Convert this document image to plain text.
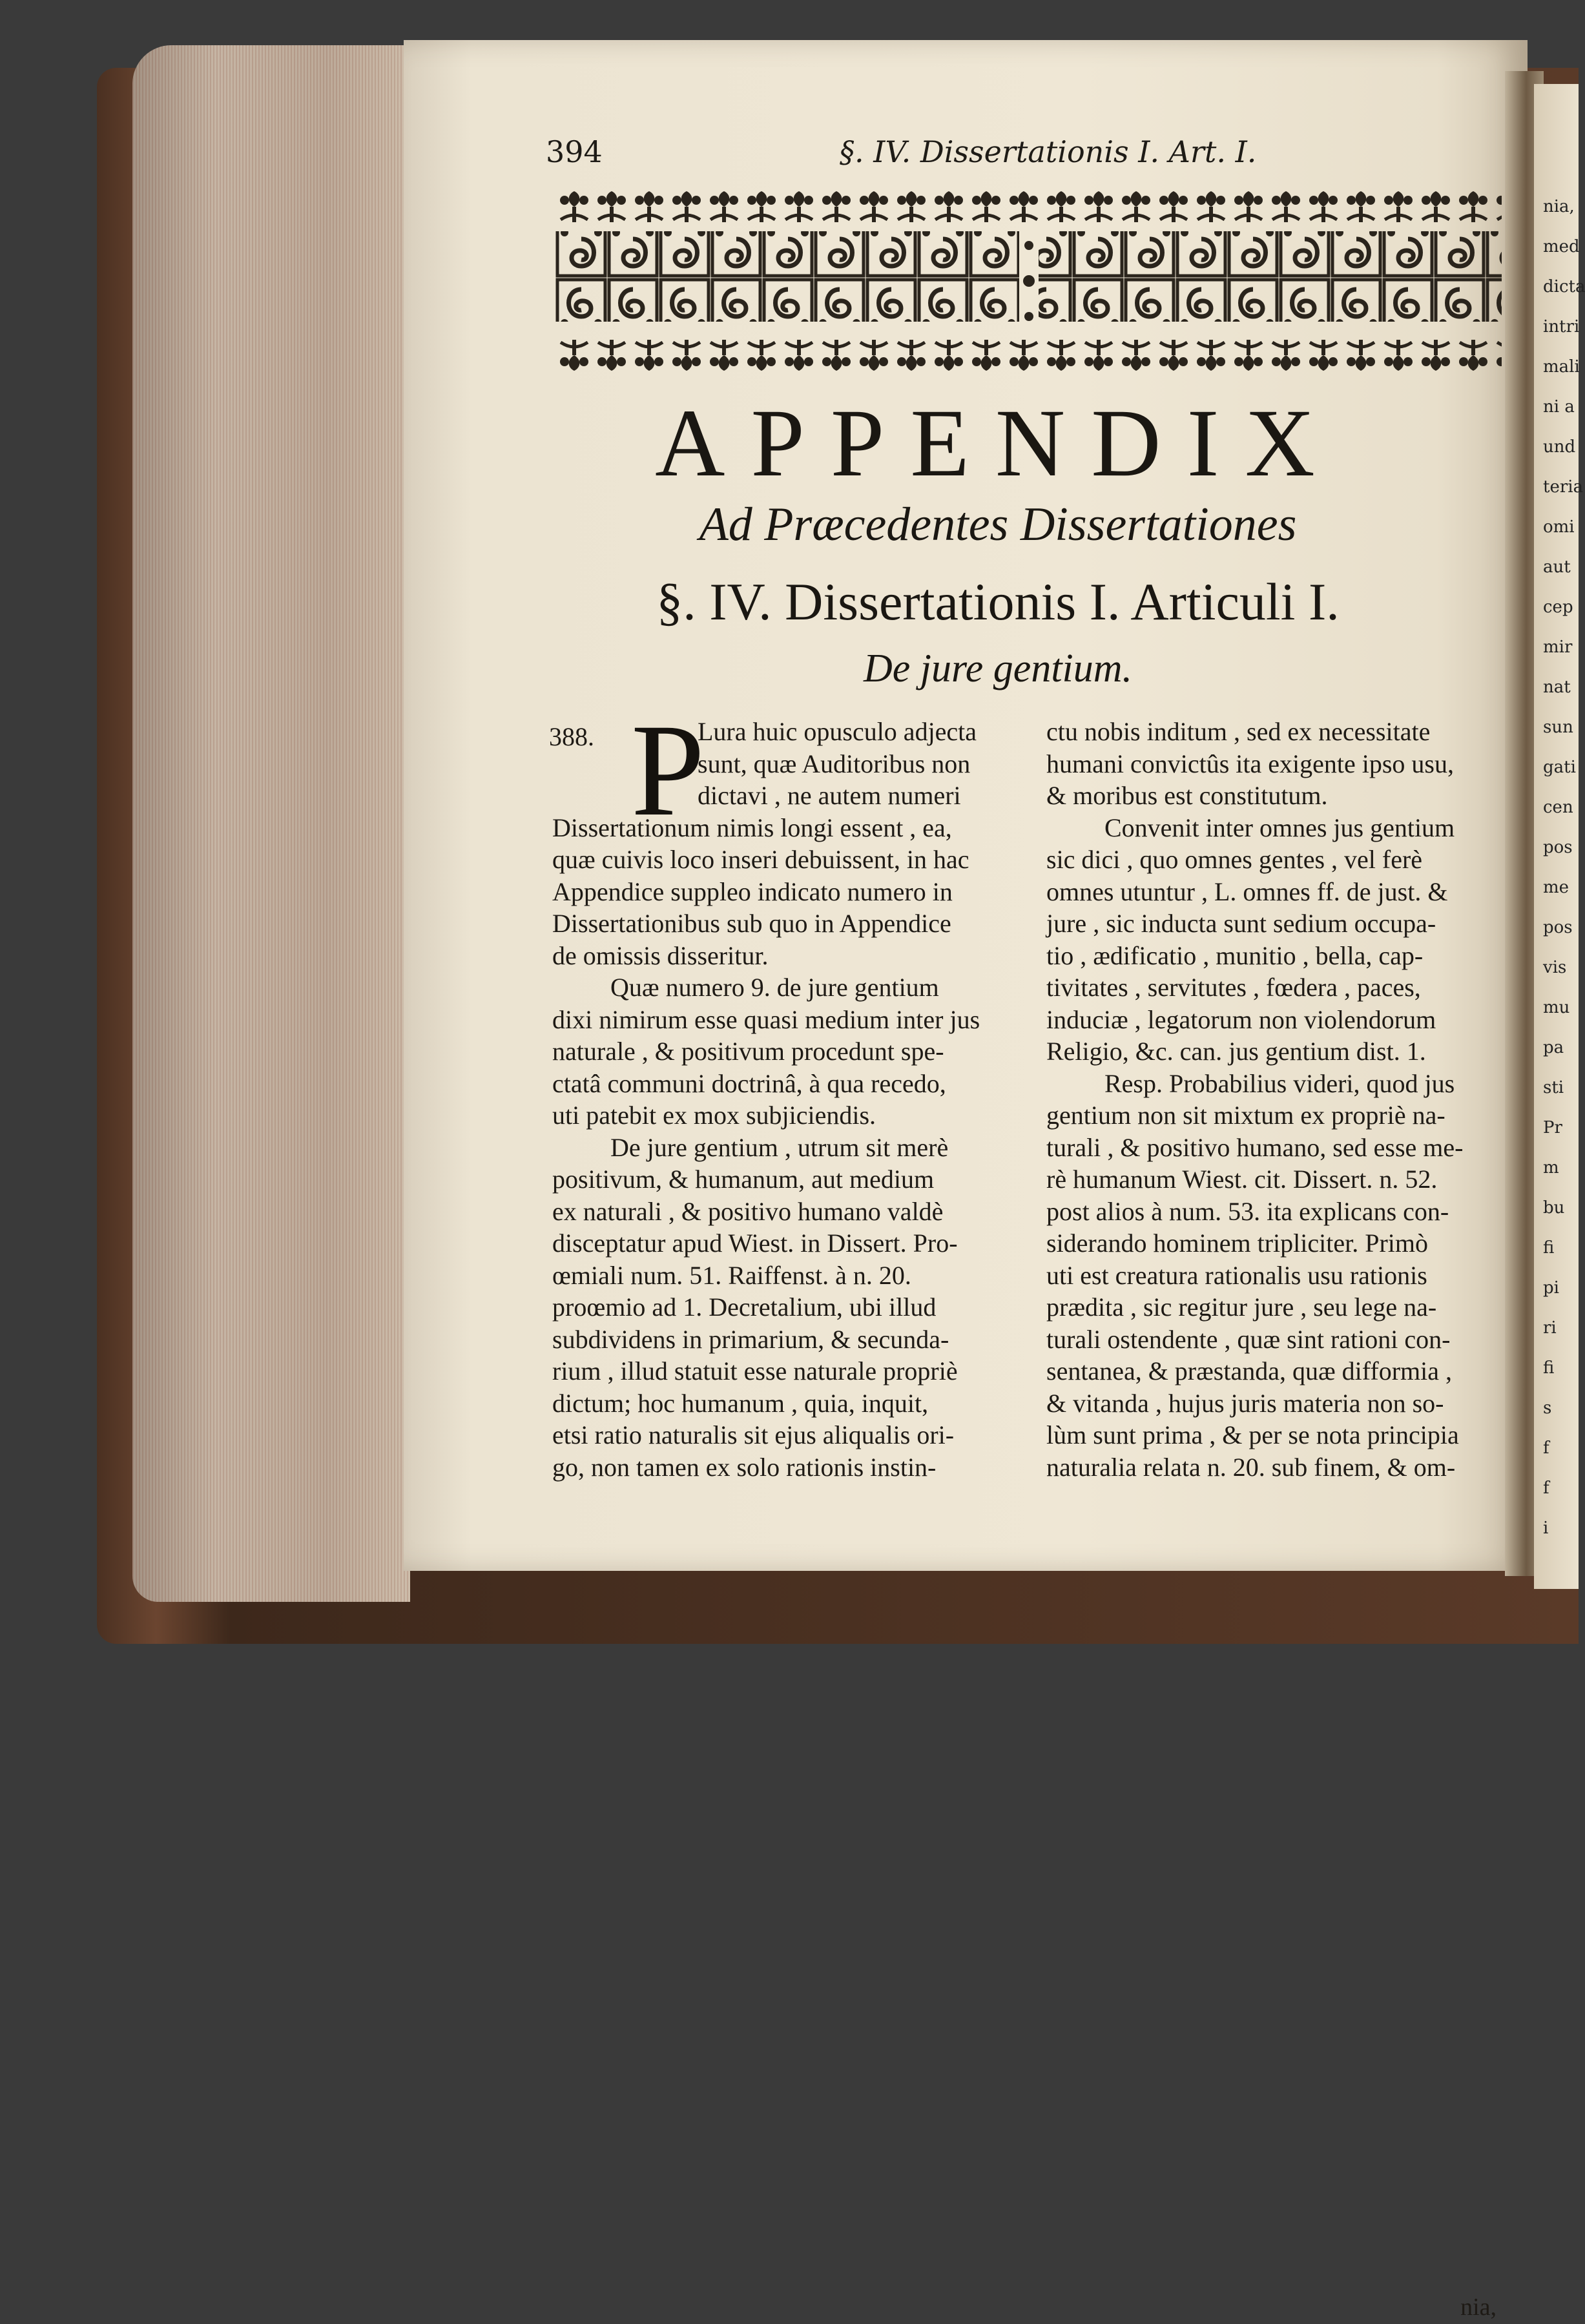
nia,
med
dicta
intri
mali
ni a
und
teria
omi
aut
cep
mir
nat
sun
gati
cen
pos
me
pos
vis
mu
pa
sti
Pr
m
bu
fi
pi
ri
fi
s
f
f
i
394	§. IV. Dissertationis I. Art. I.
APPENDIX
Ad Præcedentes Dissertationes
§. IV. Dissertationis I. Articuli I.
De jure gentium.
388. P
Lura huic opusculo adjecta
sunt, quæ Auditoribus non
dictavi , ne autem numeri
Dissertationum nimis longi essent , ea,
quæ cuivis loco inseri debuissent, in hac
Appendice suppleo indicato numero in
Dissertationibus sub quo in Appendice
de omissis disseritur.
Quæ numero 9. de jure gentium
dixi nimirum esse quasi medium inter jus
naturale , & positivum procedunt spe-
ctatâ communi doctrinâ, à qua recedo,
uti patebit ex mox subjiciendis.
De jure gentium , utrum sit merè
positivum, & humanum, aut medium
ex naturali , & positivo humano valdè
disceptatur apud Wiest. in Dissert. Pro-
œmiali num. 51. Raiffenst. à n. 20.
proœmio ad 1. Decretalium, ubi illud
subdividens in primarium, & secunda-
rium , illud statuit esse naturale propriè
dictum; hoc humanum , quia, inquit,
etsi ratio naturalis sit ejus aliqualis ori-
go, non tamen ex solo rationis instin-
nia,
ctu nobis inditum , sed ex necessitate
humani convictûs ita exigente ipso usu,
& moribus est constitutum.
Convenit inter omnes jus gentium
sic dici , quo omnes gentes , vel ferè
omnes utuntur , L. omnes ff. de just. &
jure , sic inducta sunt sedium occupa-
tio , ædificatio , munitio , bella, cap-
tivitates , servitutes , fœdera , paces,
induciæ , legatorum non violendorum
Religio, &c. can. jus gentium dist. 1.
Resp. Probabilius videri, quod jus
gentium non sit mixtum ex propriè na-
turali , & positivo humano, sed esse me-
rè humanum Wiest. cit. Dissert. n. 52.
post alios à num. 53. ita explicans con-
siderando hominem tripliciter. Primò
uti est creatura rationalis usu rationis
prædita , sic regitur jure , seu lege na-
turali ostendente , quæ sint rationi con-
sentanea, & præstanda, quæ difformia ,
& vitanda , hujus juris materia non so-
lùm sunt prima , & per se nota principia
naturalia relata n. 20. sub finem, & om-
